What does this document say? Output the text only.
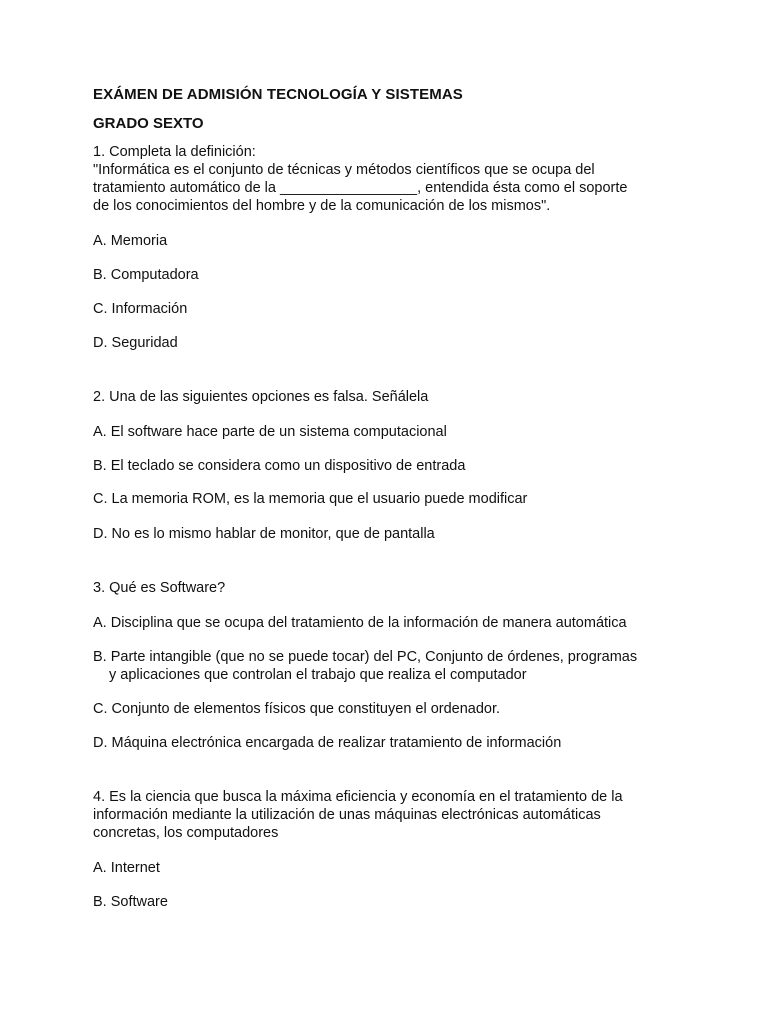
EXÁMEN DE ADMISIÓN TECNOLOGÍA Y SISTEMAS
GRADO SEXTO
1. Completa la definición:
"Informática es el conjunto de técnicas y métodos científicos que se ocupa del
tratamiento automático de la _________________, entendida ésta como el soporte
de los conocimientos del hombre y de la comunicación de los mismos".
A. Memoria
B. Computadora
C. Información
D. Seguridad
2. Una de las siguientes opciones es falsa. Señálela
A. El software hace parte de un sistema computacional
B. El teclado se considera como un dispositivo de entrada
C. La memoria ROM, es la memoria que el usuario puede modificar
D. No es lo mismo hablar de monitor, que de pantalla
3. Qué es Software?
A. Disciplina que se ocupa del tratamiento de la información de manera automática
B. Parte intangible (que no se puede tocar) del PC, Conjunto de órdenes, programas
y aplicaciones que controlan el trabajo que realiza el computador
C. Conjunto de elementos físicos que constituyen el ordenador.
D. Máquina electrónica encargada de realizar tratamiento de información
4. Es la ciencia que busca la máxima eficiencia y economía en el tratamiento de la
información mediante la utilización de unas máquinas electrónicas automáticas
concretas, los computadores
A. Internet
B. Software
